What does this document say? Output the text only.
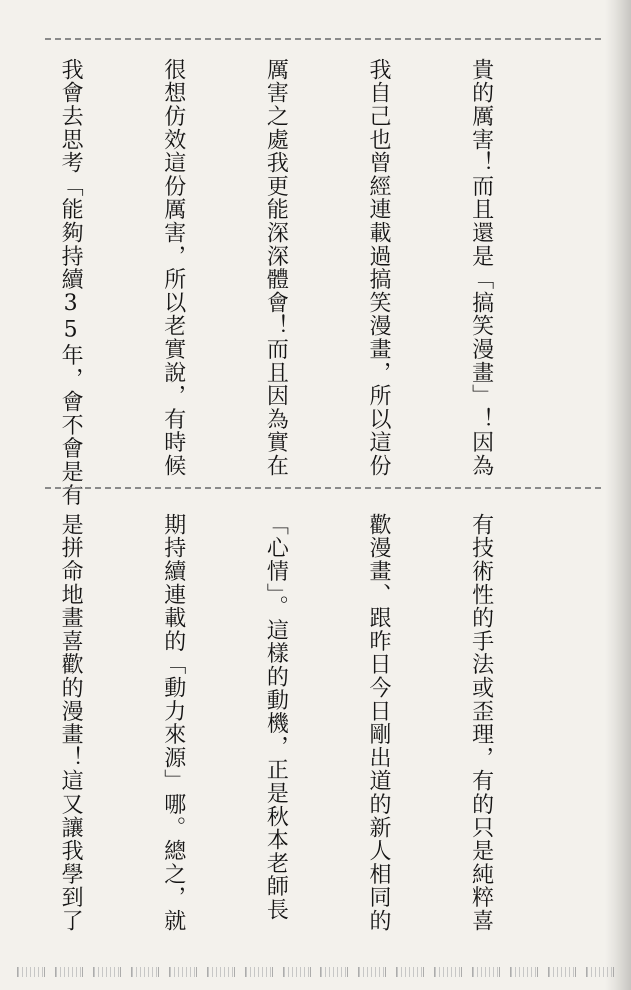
貴的厲害！而且還是「搞笑漫畫」！因為

我自己也曾經連載過搞笑漫畫，所以這份

厲害之處我更能深深體會！而且因為實在

很想仿效這份厲害，所以老實說，有時候

我會去思考「能夠持續35年，會不會是有

有技術性的手法或歪理，有的只是純粹喜

歡漫畫、跟昨日今日剛出道的新人相同的

「心情」。這樣的動機，正是秋本老師長

期持續連載的「動力來源」哪。總之，就

是拼命地畫喜歡的漫畫！這又讓我學到了
